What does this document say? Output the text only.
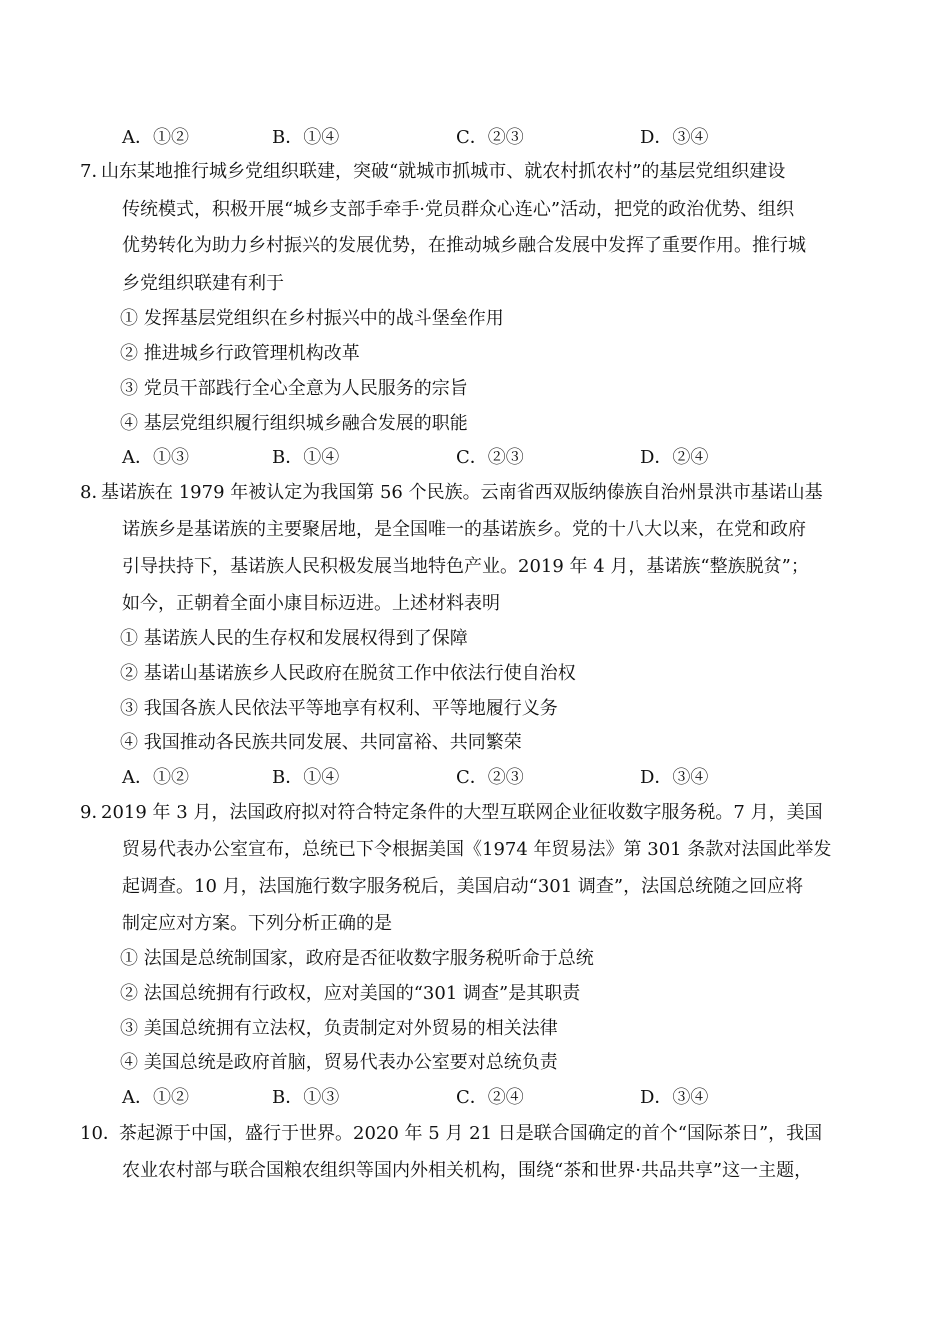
A．①②	B．①④	C．②③	D．③④
7．
山东某地推行城乡党组织联建，突破“就城市抓城市、就农村抓农村”的基层党组织建设
传统模式，积极开展“城乡支部手牵手·党员群众心连心”活动，把党的政治优势、组织
优势转化为助力乡村振兴的发展优势，在推动城乡融合发展中发挥了重要作用。推行城
乡党组织联建有利于
① 发挥基层党组织在乡村振兴中的战斗堡垒作用
② 推进城乡行政管理机构改革
③ 党员干部践行全心全意为人民服务的宗旨
④ 基层党组织履行组织城乡融合发展的职能
A．①③	B．①④	C．②③	D．②④
8．
基诺族在 1979 年被认定为我国第 56 个民族。云南省西双版纳傣族自治州景洪市基诺山基
诺族乡是基诺族的主要聚居地，是全国唯一的基诺族乡。党的十八大以来，在党和政府
引导扶持下，基诺族人民积极发展当地特色产业。2019 年 4 月，基诺族“整族脱贫”；
如今，正朝着全面小康目标迈进。上述材料表明
① 基诺族人民的生存权和发展权得到了保障
② 基诺山基诺族乡人民政府在脱贫工作中依法行使自治权
③ 我国各族人民依法平等地享有权利、平等地履行义务
④ 我国推动各民族共同发展、共同富裕、共同繁荣
A．①②	B．①④	C．②③	D．③④
9．
2019 年 3 月，法国政府拟对符合特定条件的大型互联网企业征收数字服务税。7 月，美国
贸易代表办公室宣布，总统已下令根据美国《1974 年贸易法》第 301 条款对法国此举发
起调查。10 月，法国施行数字服务税后，美国启动“301 调查”，法国总统随之回应将
制定应对方案。下列分析正确的是
① 法国是总统制国家，政府是否征收数字服务税听命于总统
② 法国总统拥有行政权，应对美国的“301 调查”是其职责
③ 美国总统拥有立法权，负责制定对外贸易的相关法律
④ 美国总统是政府首脑，贸易代表办公室要对总统负责
A．①②	B．①③	C．②④	D．③④
10．
茶起源于中国，盛行于世界。2020 年 5 月 21 日是联合国确定的首个“国际茶日”，我国
农业农村部与联合国粮农组织等国内外相关机构，围绕“茶和世界·共品共享”这一主题，
